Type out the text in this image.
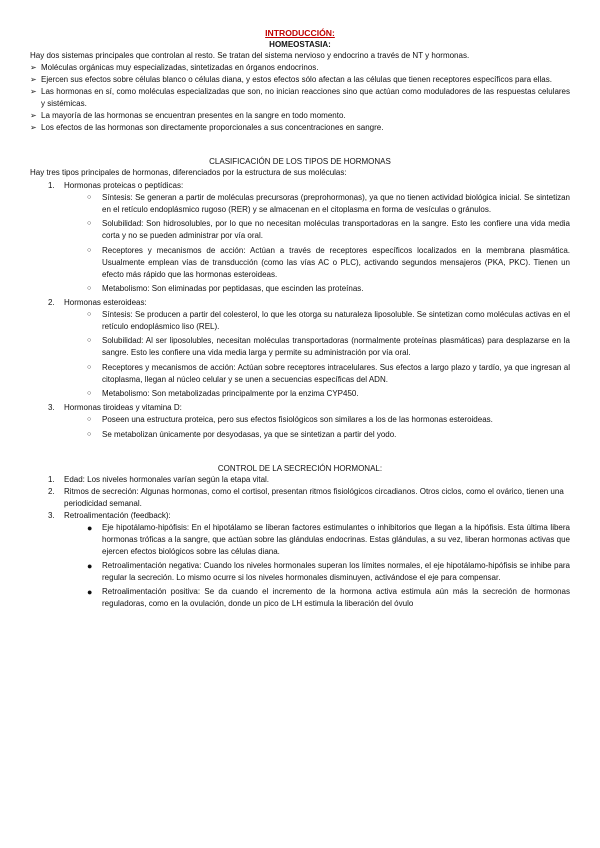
INTRODUCCIÓN:
HOMEOSTASIA:

Hay dos sistemas principales que controlan al resto. Se tratan del sistema nervioso y endocrino a través de NT y hormonas.

➢ Moléculas orgánicas muy especializadas, sintetizadas en órganos endocrinos.
➢ Ejercen sus efectos sobre células blanco o células diana, y estos efectos sólo afectan a las células que tienen receptores específicos para ellas.
➢ Las hormonas en sí, como moléculas especializadas que son, no inician reacciones sino que actúan como moduladores de las respuestas celulares y sistémicas.
➢ La mayoría de las hormonas se encuentran presentes en la sangre en todo momento.
➢ Los efectos de las hormonas son directamente proporcionales a sus concentraciones en sangre.
CLASIFICACIÓN DE LOS TIPOS DE HORMONAS

Hay tres tipos principales de hormonas, diferenciados por la estructura de sus moléculas:

1. Hormonas proteicas o peptídicas:
○ Síntesis: Se generan a partir de moléculas precursoras (preprohormonas), ya que no tienen actividad biológica inicial. Se sintetizan en el retículo endoplásmico rugoso (RER) y se almacenan en el citoplasma en forma de vesículas o gránulos.
○ Solubilidad: Son hidrosolubles, por lo que no necesitan moléculas transportadoras en la sangre. Esto les confiere una vida media corta y no se pueden administrar por vía oral.
○ Receptores y mecanismos de acción: Actúan a través de receptores específicos localizados en la membrana plasmática. Usualmente emplean vías de transducción (como las vías AC o PLC), activando segundos mensajeros (PKA, PKC). Tienen un efecto más rápido que las hormonas esteroideas.
○ Metabolismo: Son eliminadas por peptidasas, que escinden las proteínas.
2. Hormonas esteroideas:
○ Síntesis: Se producen a partir del colesterol, lo que les otorga su naturaleza liposoluble. Se sintetizan como moléculas activas en el retículo endoplásmico liso (REL).
○ Solubilidad: Al ser liposolubles, necesitan moléculas transportadoras (normalmente proteínas plasmáticas) para desplazarse en la sangre. Esto les confiere una vida media larga y permite su administración por vía oral.
○ Receptores y mecanismos de acción: Actúan sobre receptores intracelulares. Sus efectos a largo plazo y tardío, ya que ingresan al citoplasma, llegan al núcleo celular y se unen a secuencias específicas del ADN.
○ Metabolismo: Son metabolizadas principalmente por la enzima CYP450.
3. Hormonas tiroideas y vitamina D:
○ Poseen una estructura proteica, pero sus efectos fisiológicos son similares a los de las hormonas esteroideas.
○ Se metabolizan únicamente por desyodasas, ya que se sintetizan a partir del yodo.
CONTROL DE LA SECRECIÓN HORMONAL:
1. Edad: Los niveles hormonales varían según la etapa vital.
2. Ritmos de secreción: Algunas hormonas, como el cortisol, presentan ritmos fisiológicos circadianos. Otros ciclos, como el ovárico, tienen una periodicidad semanal.
3. Retroalimentación (feedback):
● Eje hipotálamo-hipófisis: En el hipotálamo se liberan factores estimulantes o inhibitorios que llegan a la hipófisis. Esta última libera hormonas tróficas a la sangre, que actúan sobre las glándulas endocrinas. Estas glándulas, a su vez, liberan hormonas activas que ejercen efectos biológicos sobre las células diana.
● Retroalimentación negativa: Cuando los niveles hormonales superan los límites normales, el eje hipotálamo-hipófisis se inhibe para regular la secreción. Lo mismo ocurre si los niveles hormonales disminuyen, activándose el eje para compensar.
● Retroalimentación positiva: Se da cuando el incremento de la hormona activa estimula aún más la secreción de hormonas reguladoras, como en la ovulación, donde un pico de LH estimula la liberación del óvulo
